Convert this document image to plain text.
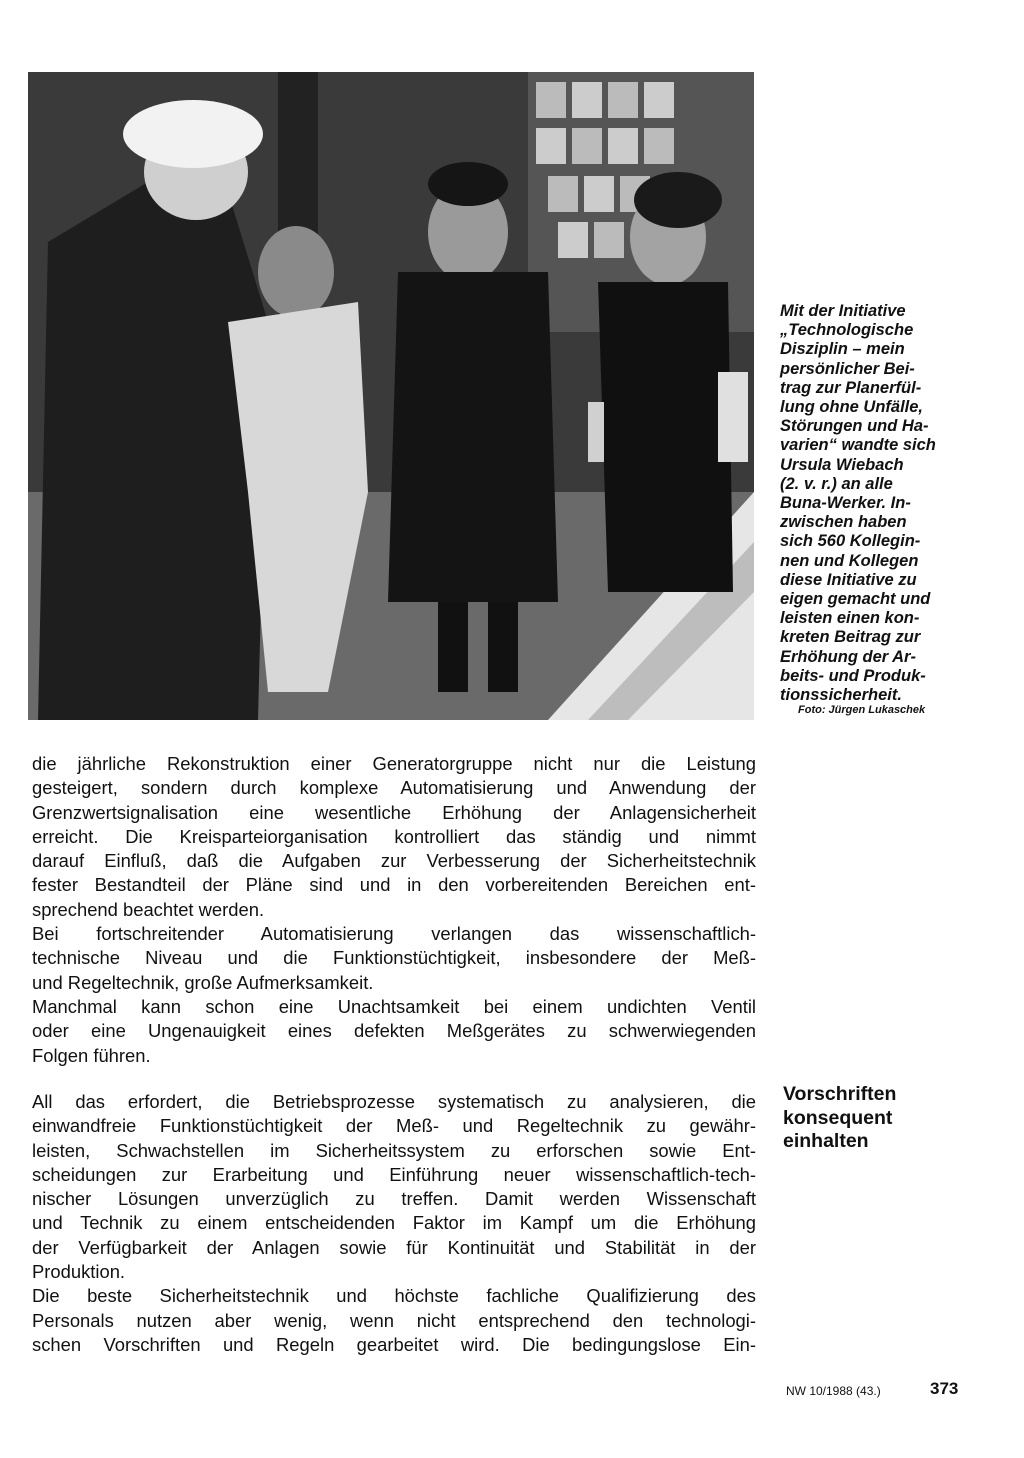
Mit der Initiative
„Technologische
Disziplin – mein
persönlicher Bei-
trag zur Planerfül-
lung ohne Unfälle,
Störungen und Ha-
varien“ wandte sich
Ursula Wiebach
(2. v. r.) an alle
Buna-Werker. In-
zwischen haben
sich 560 Kollegin-
nen und Kollegen
diese Initiative zu
eigen gemacht und
leisten einen kon-
kreten Beitrag zur
Erhöhung der Ar-
beits- und Produk-
tionssicherheit.
Foto: Jürgen Lukaschek
die jährliche Rekonstruktion einer Generatorgruppe nicht nur die Leistung
gesteigert, sondern durch komplexe Automatisierung und Anwendung der
Grenzwertsignalisation eine wesentliche Erhöhung der Anlagensicherheit
erreicht. Die Kreisparteiorganisation kontrolliert das ständig und nimmt
darauf Einfluß, daß die Aufgaben zur Verbesserung der Sicherheitstechnik
fester Bestandteil der Pläne sind und in den vorbereitenden Bereichen ent-
sprechend beachtet werden.
Bei fortschreitender Automatisierung verlangen das wissenschaftlich-
technische Niveau und die Funktionstüchtigkeit, insbesondere der Meß-
und Regeltechnik, große Aufmerksamkeit.
Manchmal kann schon eine Unachtsamkeit bei einem undichten Ventil
oder eine Ungenauigkeit eines defekten Meßgerätes zu schwerwiegenden
Folgen führen.
All das erfordert, die Betriebsprozesse systematisch zu analysieren, die
einwandfreie Funktionstüchtigkeit der Meß- und Regeltechnik zu gewähr-
leisten, Schwachstellen im Sicherheitssystem zu erforschen sowie Ent-
scheidungen zur Erarbeitung und Einführung neuer wissenschaftlich-tech-
nischer Lösungen unverzüglich zu treffen. Damit werden Wissenschaft
und Technik zu einem entscheidenden Faktor im Kampf um die Erhöhung
der Verfügbarkeit der Anlagen sowie für Kontinuität und Stabilität in der
Produktion.
Die beste Sicherheitstechnik und höchste fachliche Qualifizierung des
Personals nutzen aber wenig, wenn nicht entsprechend den technologi-
schen Vorschriften und Regeln gearbeitet wird. Die bedingungslose Ein-
Vorschriften
konsequent
einhalten
NW 10/1988 (43.)	373
